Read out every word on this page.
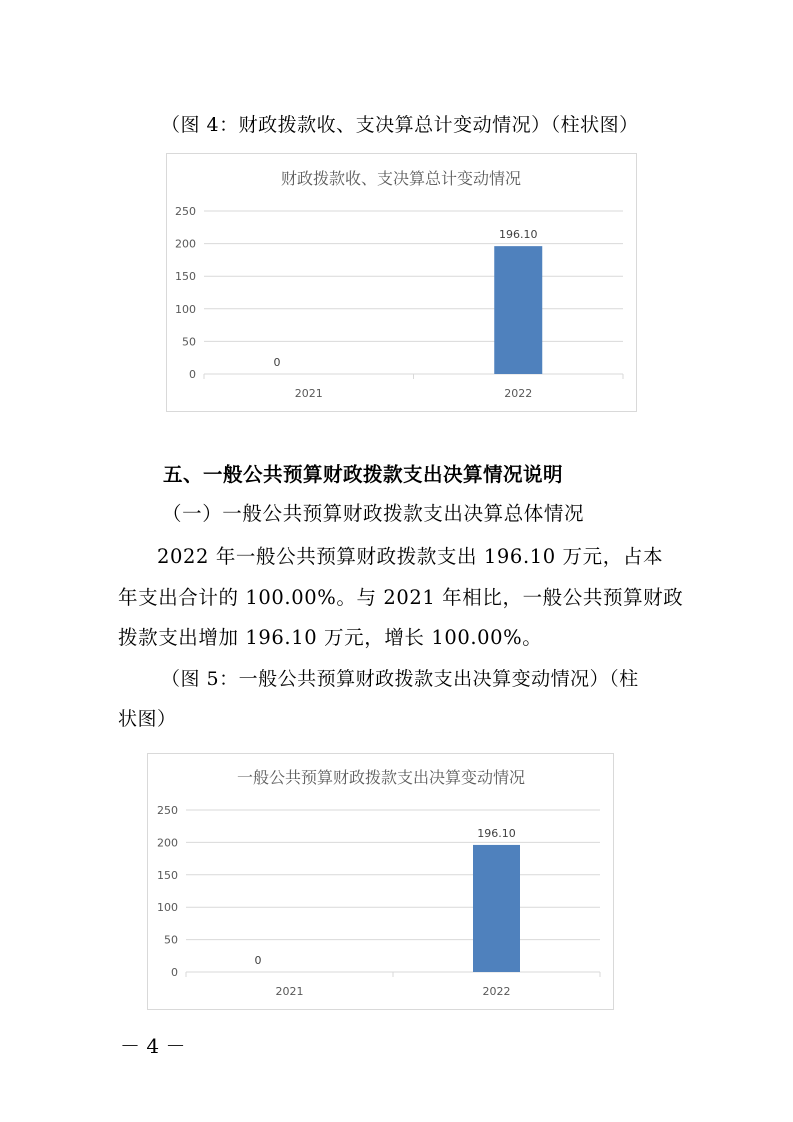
（图 4：财政拨款收、支决算总计变动情况）（柱状图）
财政拨款收、支决算总计变动情况
0
50
100
150
200
250
0
2021
196.10
2022
五、一般公共预算财政拨款支出决算情况说明
（一）一般公共预算财政拨款支出决算总体情况
2022 年一般公共预算财政拨款支出 196.10 万元，占本
年支出合计的 100.00%。与 2021 年相比，一般公共预算财政
拨款支出增加 196.10 万元，增长 100.00%。
（图 5：一般公共预算财政拨款支出决算变动情况）（柱
状图）
一般公共预算财政拨款支出决算变动情况
0
50
100
150
200
250
0
2021
196.10
2022
－ 4 －
